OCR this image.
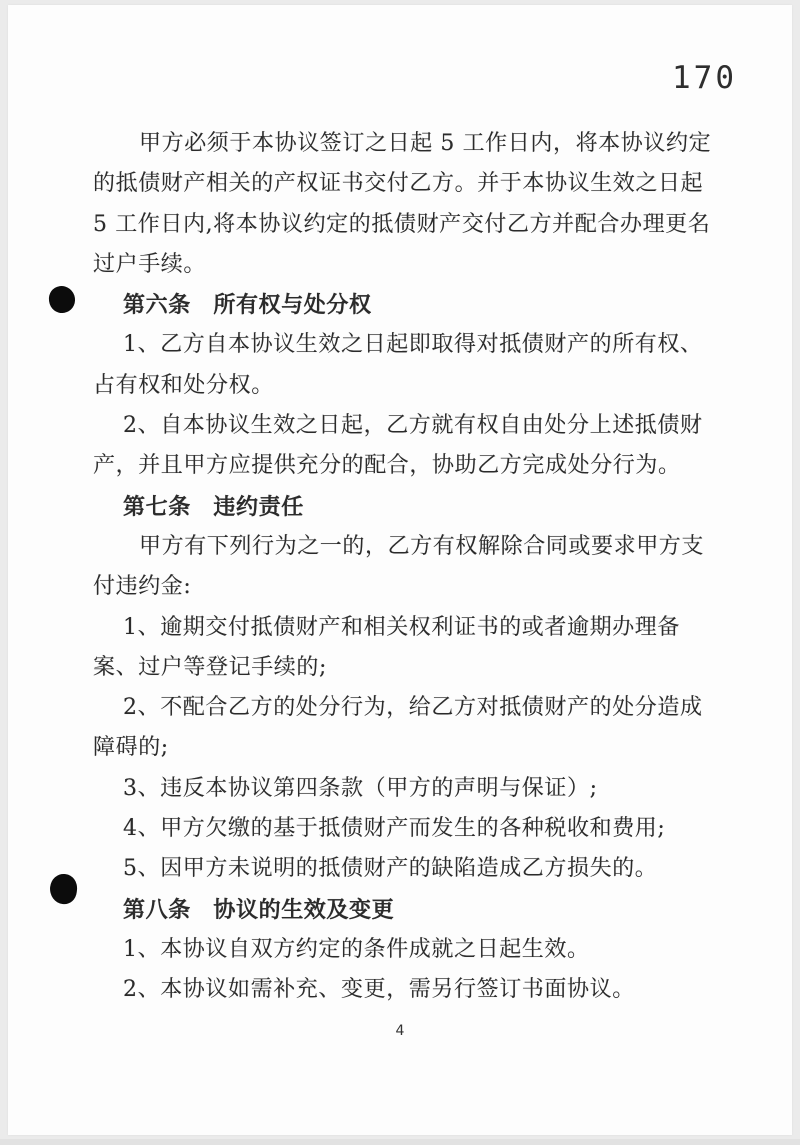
170
甲方必须于本协议签订之日起 5 工作日内，将本协议约定
的抵债财产相关的产权证书交付乙方。并于本协议生效之日起
5 工作日内,将本协议约定的抵债财产交付乙方并配合办理更名
过户手续。
第六条　所有权与处分权
1、乙方自本协议生效之日起即取得对抵债财产的所有权、
占有权和处分权。
2、自本协议生效之日起，乙方就有权自由处分上述抵债财
产，并且甲方应提供充分的配合，协助乙方完成处分行为。
第七条　违约责任
甲方有下列行为之一的，乙方有权解除合同或要求甲方支
付违约金:
1、逾期交付抵债财产和相关权利证书的或者逾期办理备
案、过户等登记手续的;
2、不配合乙方的处分行为，给乙方对抵债财产的处分造成
障碍的;
3、违反本协议第四条款（甲方的声明与保证）;
4、甲方欠缴的基于抵债财产而发生的各种税收和费用;
5、因甲方未说明的抵债财产的缺陷造成乙方损失的。
第八条　协议的生效及变更
1、本协议自双方约定的条件成就之日起生效。
2、本协议如需补充、变更，需另行签订书面协议。
4
